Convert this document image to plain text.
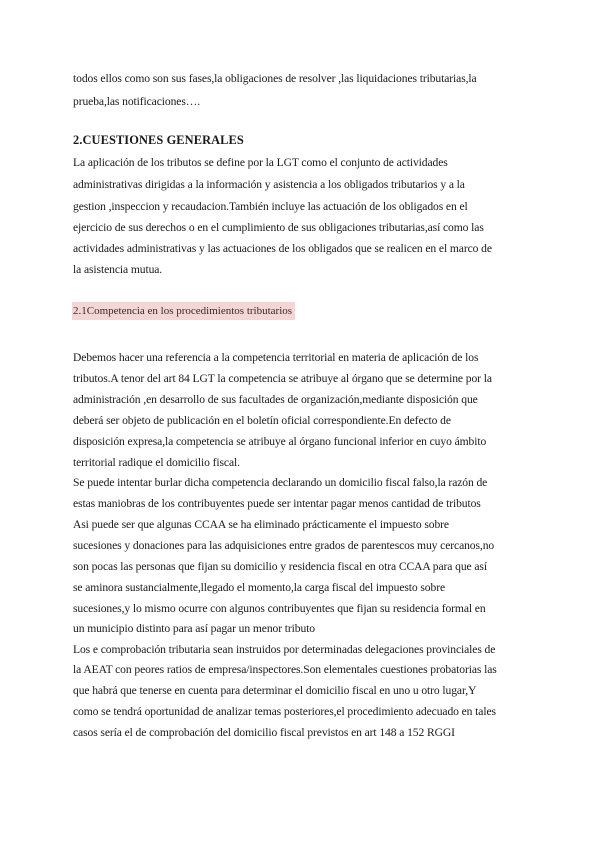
todos ellos como son sus fases,la obligaciones de resolver ,las liquidaciones tributarias,la
prueba,las notificaciones….
2.CUESTIONES GENERALES
La aplicación de los tributos se define por la LGT como el conjunto de actividades
administrativas dirigidas a la información y asistencia a los obligados tributarios y a la
gestion ,inspeccion y recaudacion.También incluye las actuación de los obligados en el
ejercicio de sus derechos o en el cumplimiento de sus obligaciones tributarias,así como las
actividades administrativas y las actuaciones de los obligados que se realicen en el marco de
la asistencia mutua.
2.1Competencia en los procedimientos tributarios
Debemos hacer una referencia a la competencia territorial en materia de aplicación de los
tributos.A tenor del art 84 LGT la competencia se atribuye al órgano que se determine por la
administración ,en desarrollo de sus facultades de organización,mediante disposición que
deberá ser objeto de publicación en el boletín oficial correspondiente.En defecto de
disposición expresa,la competencia se atribuye al órgano funcional inferior en cuyo ámbito
territorial radique el domicilio fiscal.
Se puede intentar burlar dicha competencia declarando un domicilio fiscal falso,la razón de
estas maniobras de los contribuyentes puede ser intentar pagar menos cantidad de tributos
Asi puede ser que algunas CCAA se ha eliminado prácticamente el impuesto sobre
sucesiones y donaciones para las adquisiciones entre grados de parentescos muy cercanos,no
son pocas las personas que fijan su domicilio y residencia fiscal en otra CCAA para que así
se aminora sustancialmente,llegado el momento,la carga fiscal del impuesto sobre
sucesiones,y lo mismo ocurre con algunos contribuyentes que fijan su residencia formal en
un municipio distinto para así pagar un menor tributo
Los e comprobación tributaria sean instruidos por determinadas delegaciones provinciales de
la AEAT con peores ratios de empresa/inspectores.Son elementales cuestiones probatorias las
que habrá que tenerse en cuenta para determinar el domicilio fiscal en uno u otro lugar,Y
como se tendrá oportunidad de analizar temas posteriores,el procedimiento adecuado en tales
casos sería el de comprobación del domicilio fiscal previstos en art 148 a 152 RGGI
